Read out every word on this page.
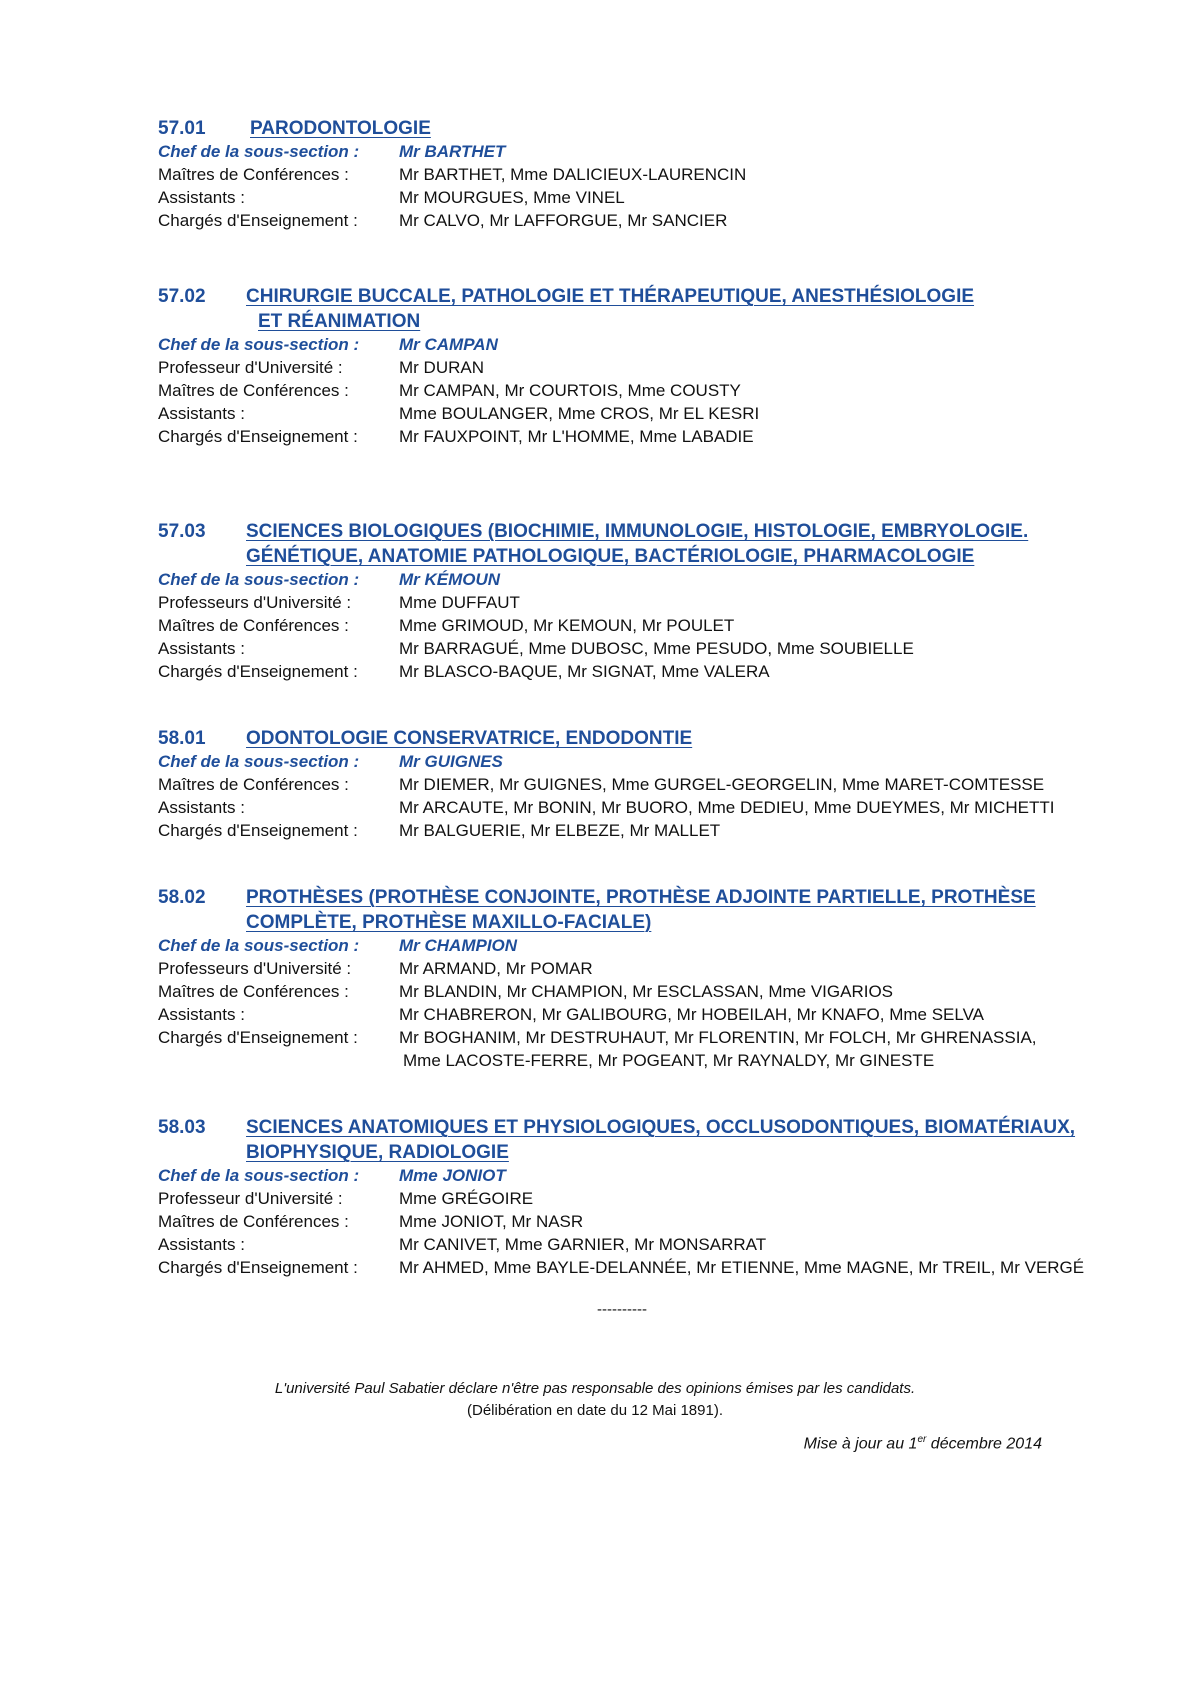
57.01 PARODONTOLOGIE
Chef de la sous-section : Mr BARTHET
Maîtres de Conférences :	Mr BARTHET, Mme DALICIEUX-LAURENCIN
Assistants :	Mr MOURGUES, Mme VINEL
Chargés d'Enseignement : Mr CALVO, Mr LAFFORGUE, Mr SANCIER
57.02 CHIRURGIE BUCCALE, PATHOLOGIE ET THÉRAPEUTIQUE, ANESTHÉSIOLOGIE
ET RÉANIMATION
Chef de la sous-section : Mr CAMPAN
Professeur d'Université :	Mr DURAN
Maîtres de Conférences :	Mr CAMPAN, Mr COURTOIS, Mme COUSTY
Assistants :	Mme BOULANGER, Mme CROS, Mr EL KESRI
Chargés d'Enseignement : Mr FAUXPOINT, Mr L'HOMME, Mme LABADIE
57.03 SCIENCES BIOLOGIQUES (BIOCHIMIE, IMMUNOLOGIE, HISTOLOGIE, EMBRYOLOGIE.
GÉNÉTIQUE, ANATOMIE PATHOLOGIQUE, BACTÉRIOLOGIE, PHARMACOLOGIE
Chef de la sous-section : Mr KÉMOUN
Professeurs d'Université :	Mme DUFFAUT
Maîtres de Conférences :	Mme GRIMOUD, Mr KEMOUN, Mr POULET
Assistants :	Mr BARRAGUÉ, Mme DUBOSC, Mme PESUDO, Mme SOUBIELLE
Chargés d'Enseignement : Mr BLASCO-BAQUE, Mr SIGNAT, Mme VALERA
58.01 ODONTOLOGIE CONSERVATRICE, ENDODONTIE
Chef de la sous-section : Mr GUIGNES
Maîtres de Conférences :	Mr DIEMER, Mr GUIGNES, Mme GURGEL-GEORGELIN, Mme MARET-COMTESSE
Assistants :	Mr ARCAUTE, Mr BONIN, Mr BUORO, Mme DEDIEU, Mme DUEYMES, Mr MICHETTI
Chargés d'Enseignement : Mr BALGUERIE, Mr ELBEZE, Mr MALLET
58.02 PROTHÈSES (PROTHÈSE CONJOINTE, PROTHÈSE ADJOINTE PARTIELLE, PROTHÈSE
COMPLÈTE, PROTHÈSE MAXILLO-FACIALE)
Chef de la sous-section : Mr CHAMPION
Professeurs d'Université :	Mr ARMAND, Mr POMAR
Maîtres de Conférences :	Mr BLANDIN, Mr CHAMPION, Mr ESCLASSAN, Mme VIGARIOS
Assistants :	Mr CHABRERON, Mr GALIBOURG, Mr HOBEILAH, Mr KNAFO, Mme SELVA
Chargés d'Enseignement : Mr BOGHANIM, Mr DESTRUHAUT, Mr FLORENTIN, Mr FOLCH, Mr GHRENASSIA,
Mme LACOSTE-FERRE, Mr POGEANT, Mr RAYNALDY, Mr GINESTE
58.03 SCIENCES ANATOMIQUES ET PHYSIOLOGIQUES, OCCLUSODONTIQUES, BIOMATÉRIAUX,
BIOPHYSIQUE, RADIOLOGIE
Chef de la sous-section : Mme JONIOT
Professeur d'Université :	Mme GRÉGOIRE
Maîtres de Conférences :	Mme JONIOT, Mr NASR
Assistants :	Mr CANIVET, Mme GARNIER, Mr MONSARRAT
Chargés d'Enseignement : Mr AHMED, Mme BAYLE-DELANNÉE, Mr ETIENNE, Mme MAGNE, Mr TREIL, Mr VERGÉ
----------
L'université Paul Sabatier déclare n'être pas responsable des opinions émises par les candidats.
(Délibération en date du 12 Mai 1891).
Mise à jour au 1er décembre 2014
